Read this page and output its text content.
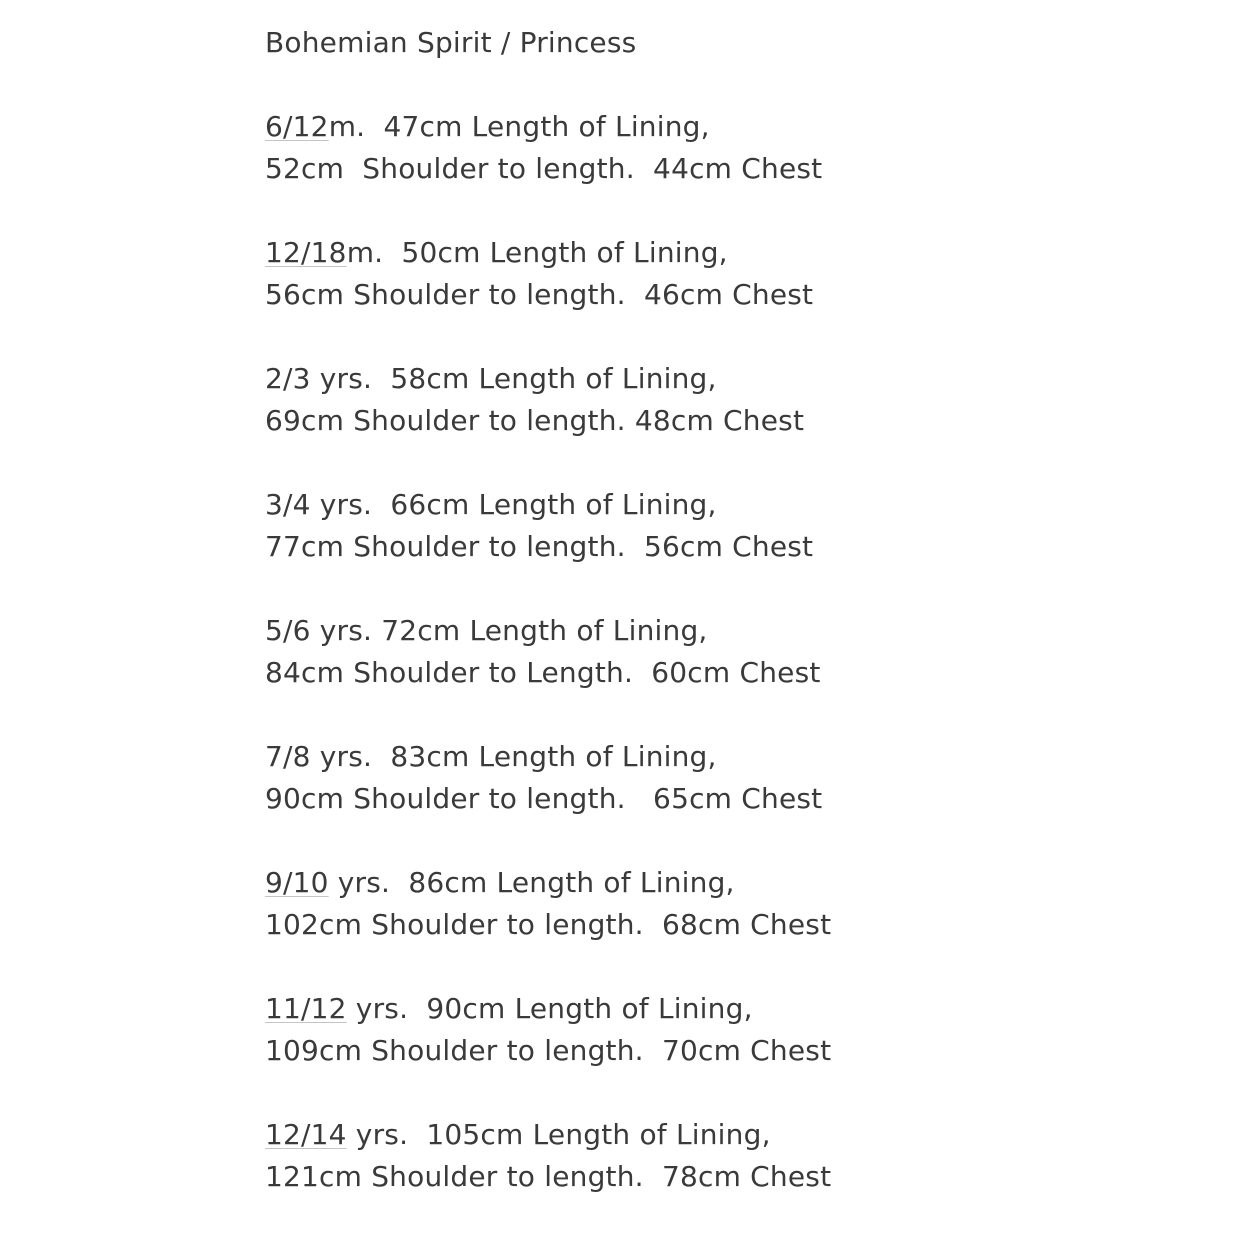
Bohemian Spirit / Princess
6/12m.  47cm Length of Lining,
52cm  Shoulder to length.  44cm Chest
12/18m.  50cm Length of Lining,
56cm Shoulder to length.  46cm Chest
2/3 yrs.  58cm Length of Lining,
69cm Shoulder to length. 48cm Chest
3/4 yrs.  66cm Length of Lining,
77cm Shoulder to length.  56cm Chest
5/6 yrs. 72cm Length of Lining,
84cm Shoulder to Length.  60cm Chest
7/8 yrs.  83cm Length of Lining,
90cm Shoulder to length.   65cm Chest
9/10 yrs.  86cm Length of Lining,
102cm Shoulder to length.  68cm Chest
11/12 yrs.  90cm Length of Lining,
109cm Shoulder to length.  70cm Chest
12/14 yrs.  105cm Length of Lining,
121cm Shoulder to length.  78cm Chest
